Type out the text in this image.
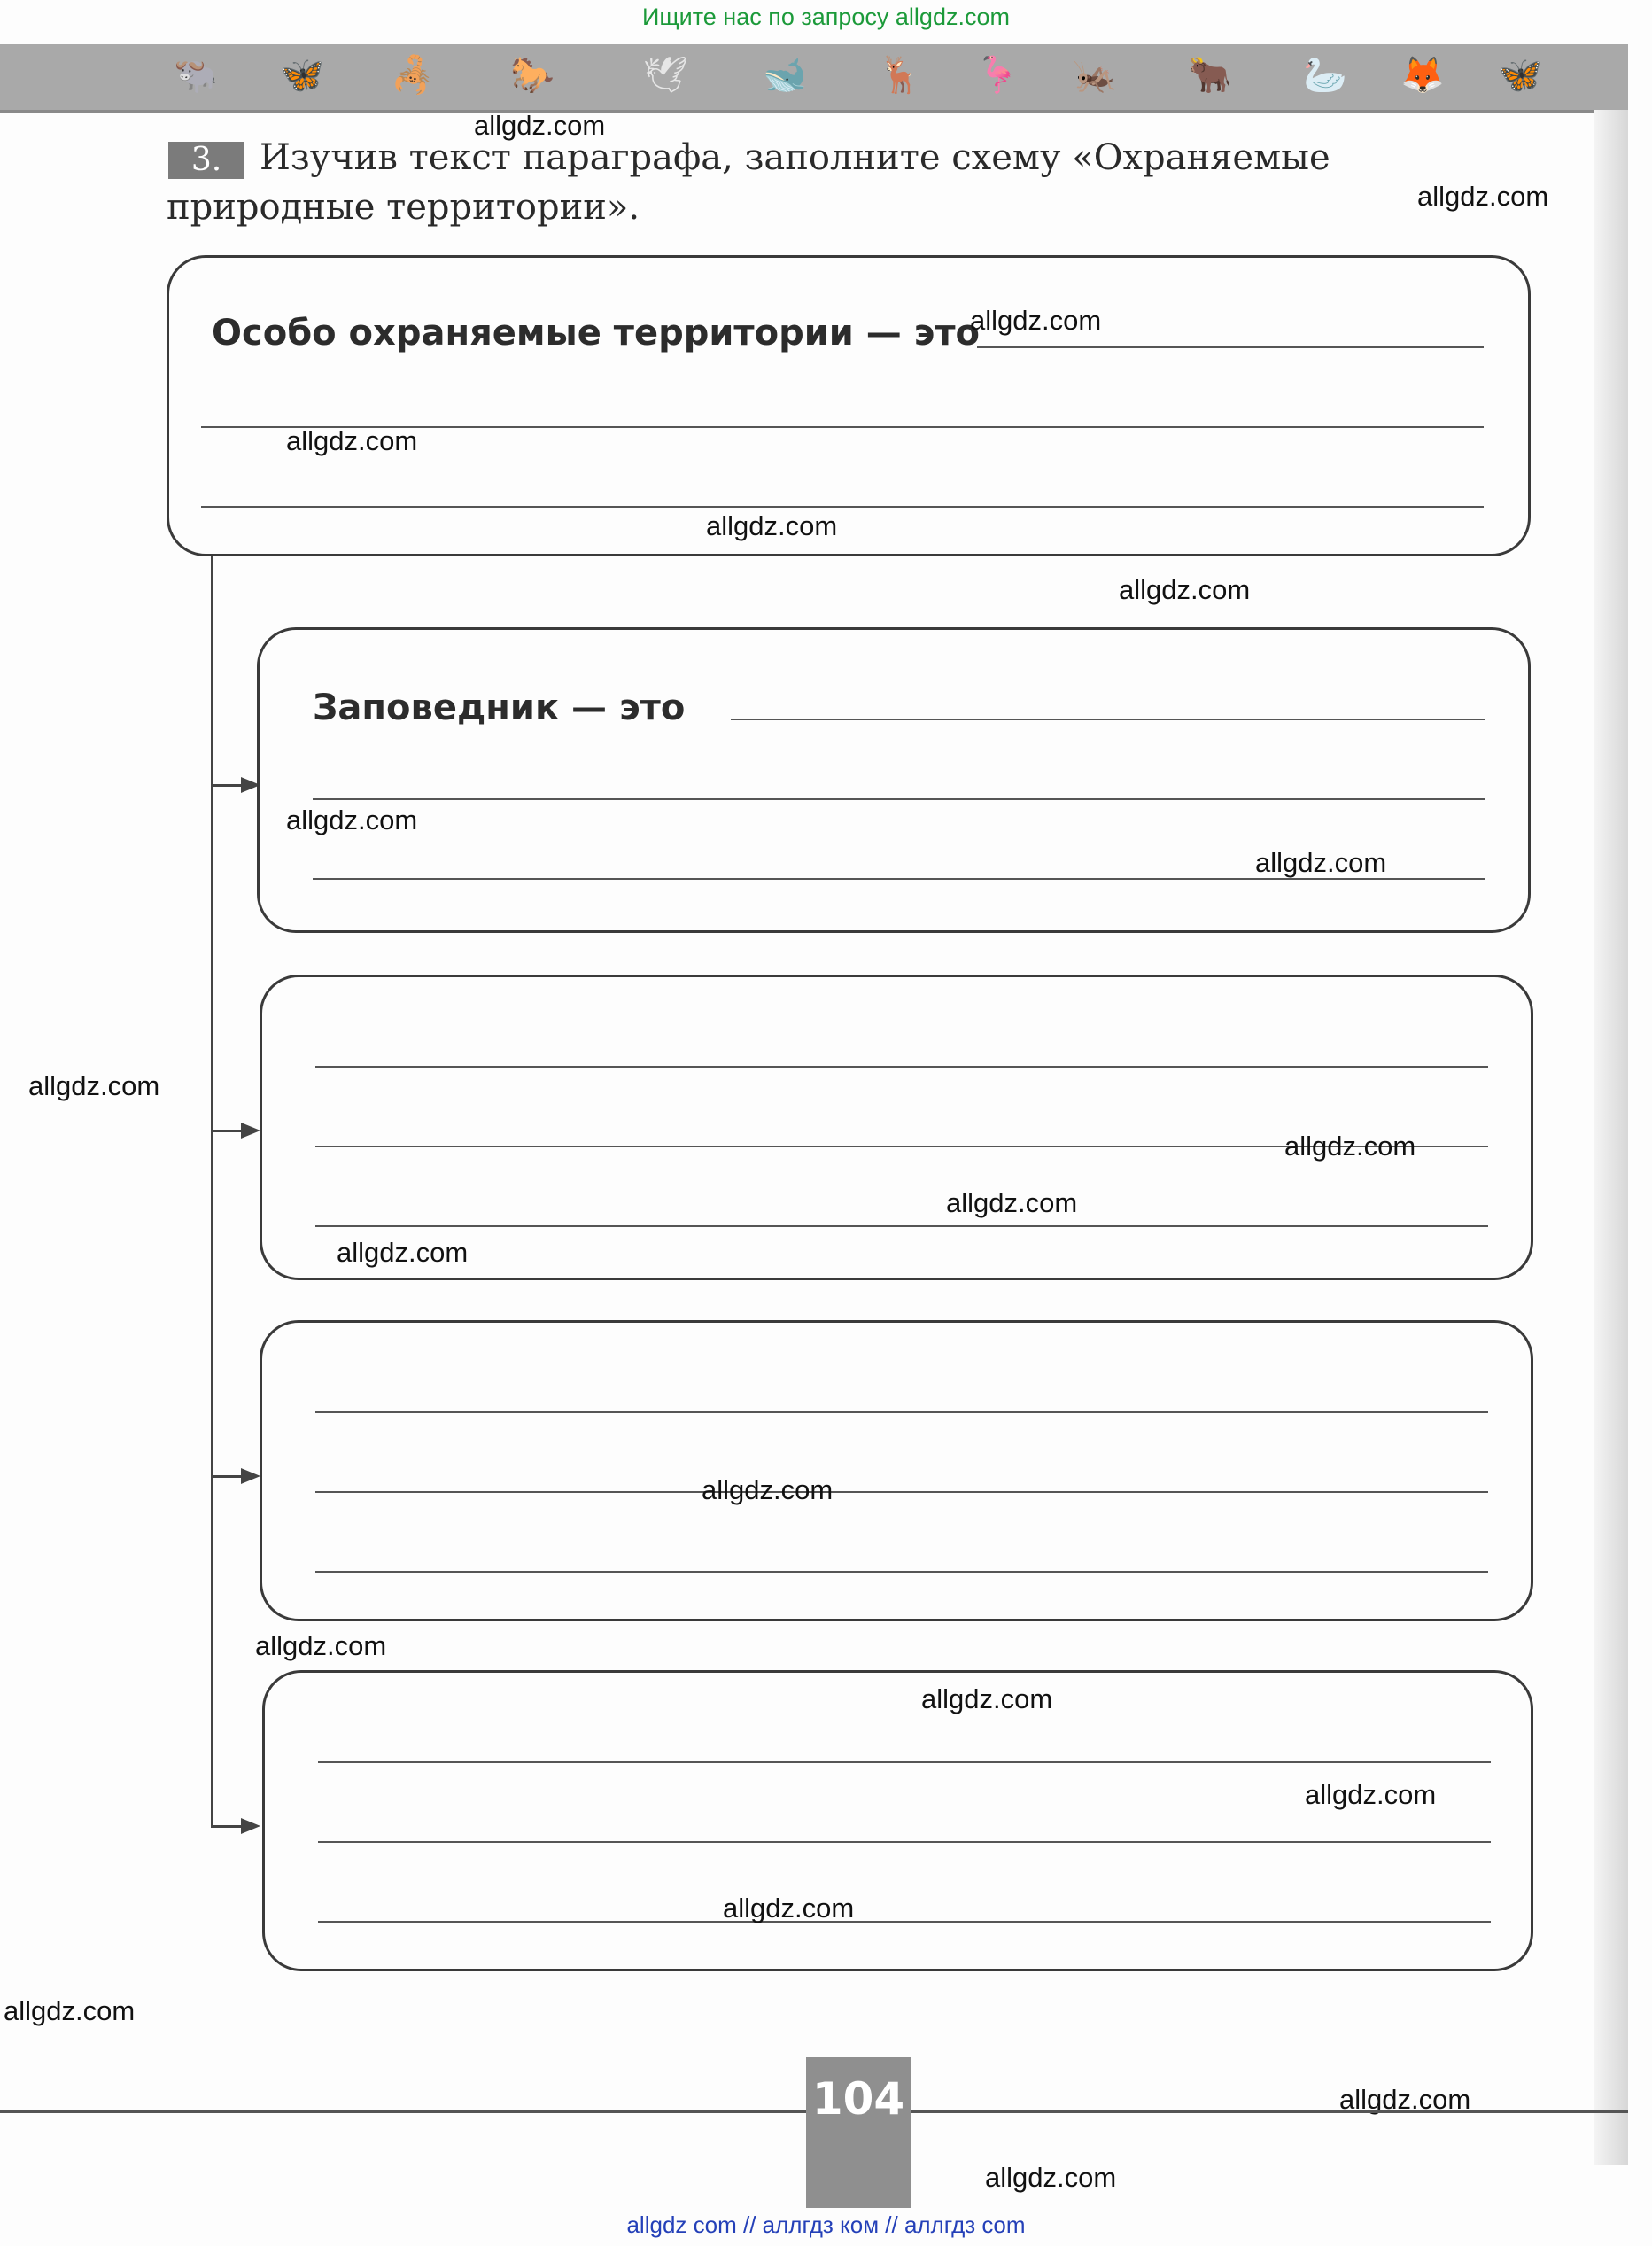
Ищите нас по запросу allgdz.com
🐃 🦋 🦂 🐎 🕊 🐋 🦌 🦩 🦗 🐂 🦢 🦊 🦋
3.	Изучив текст параграфа, заполните схему «Охраняемые природные территории».
Особо охраняемые территории — это
Заповедник — это
allgdz.com
allgdz.com
allgdz.com
allgdz.com
allgdz.com
allgdz.com
allgdz.com
allgdz.com
allgdz.com
allgdz.com
allgdz.com
allgdz.com
allgdz.com
allgdz.com
allgdz.com
allgdz.com
allgdz.com
allgdz.com
allgdz.com
allgdz.com
104
allgdz com // аллгдз ком // аллгдз com
